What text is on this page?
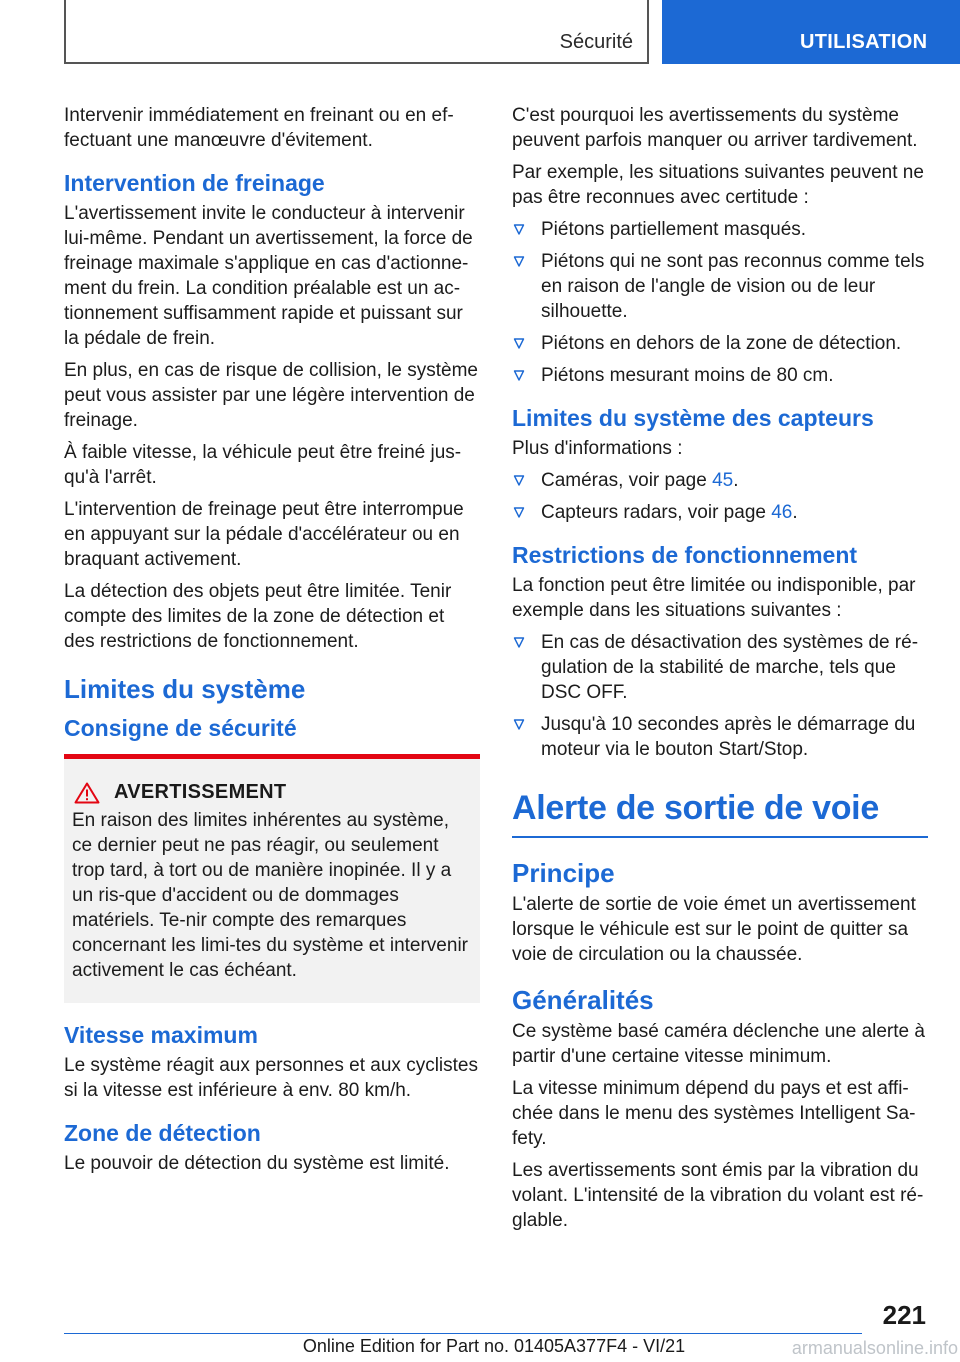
Sécurité	UTILISATION

Intervenir immédiatement en freinant ou en ef‐fectuant une manœuvre d'évitement.

Intervention de freinage

L'avertissement invite le conducteur à intervenir lui-même. Pendant un avertissement, la force de freinage maximale s'applique en cas d'actionne‐ment du frein. La condition préalable est un ac‐tionnement suffisamment rapide et puissant sur la pédale de frein.

En plus, en cas de risque de collision, le système peut vous assister par une légère intervention de freinage.

À faible vitesse, la véhicule peut être freiné jus‐qu'à l'arrêt.

L'intervention de freinage peut être interrompue en appuyant sur la pédale d'accélérateur ou en braquant activement.

La détection des objets peut être limitée. Tenir compte des limites de la zone de détection et des restrictions de fonctionnement.

Limites du système
Consigne de sécurité
AVERTISSEMENT

En raison des limites inhérentes au système, ce dernier peut ne pas réagir, ou seulement trop tard, à tort ou de manière inopinée. Il y a un ris‐que d'accident ou de dommages matériels. Te‐nir compte des remarques concernant les limi‐tes du système et intervenir activement le cas échéant.

Vitesse maximum

Le système réagit aux personnes et aux cyclistes si la vitesse est inférieure à env. 80 km/h.

Zone de détection

Le pouvoir de détection du système est limité.

C'est pourquoi les avertissements du système peuvent parfois manquer ou arriver tardivement.

Par exemple, les situations suivantes peuvent ne pas être reconnues avec certitude :

Piétons partiellement masqués.
Piétons qui ne sont pas reconnus comme tels en raison de l'angle de vision ou de leur silhouette.
Piétons en dehors de la zone de détection.
Piétons mesurant moins de 80 cm.
Limites du système des capteurs

Plus d'informations :

Caméras, voir page 45.
Capteurs radars, voir page 46.
Restrictions de fonctionnement

La fonction peut être limitée ou indisponible, par exemple dans les situations suivantes :

En cas de désactivation des systèmes de ré‐gulation de la stabilité de marche, tels que DSC OFF.
Jusqu'à 10 secondes après le démarrage du moteur via le bouton Start/Stop.
Alerte de sortie de voie
Principe

L'alerte de sortie de voie émet un avertissement lorsque le véhicule est sur le point de quitter sa voie de circulation ou la chaussée.

Généralités

Ce système basé caméra déclenche une alerte à partir d'une certaine vitesse minimum.

La vitesse minimum dépend du pays et est affi‐chée dans le menu des systèmes Intelligent Sa‐fety.

Les avertissements sont émis par la vibration du volant. L'intensité de la vibration du volant est ré‐glable.

221
Online Edition for Part no. 01405A377F4 - VI/21	armanualsonline.info
